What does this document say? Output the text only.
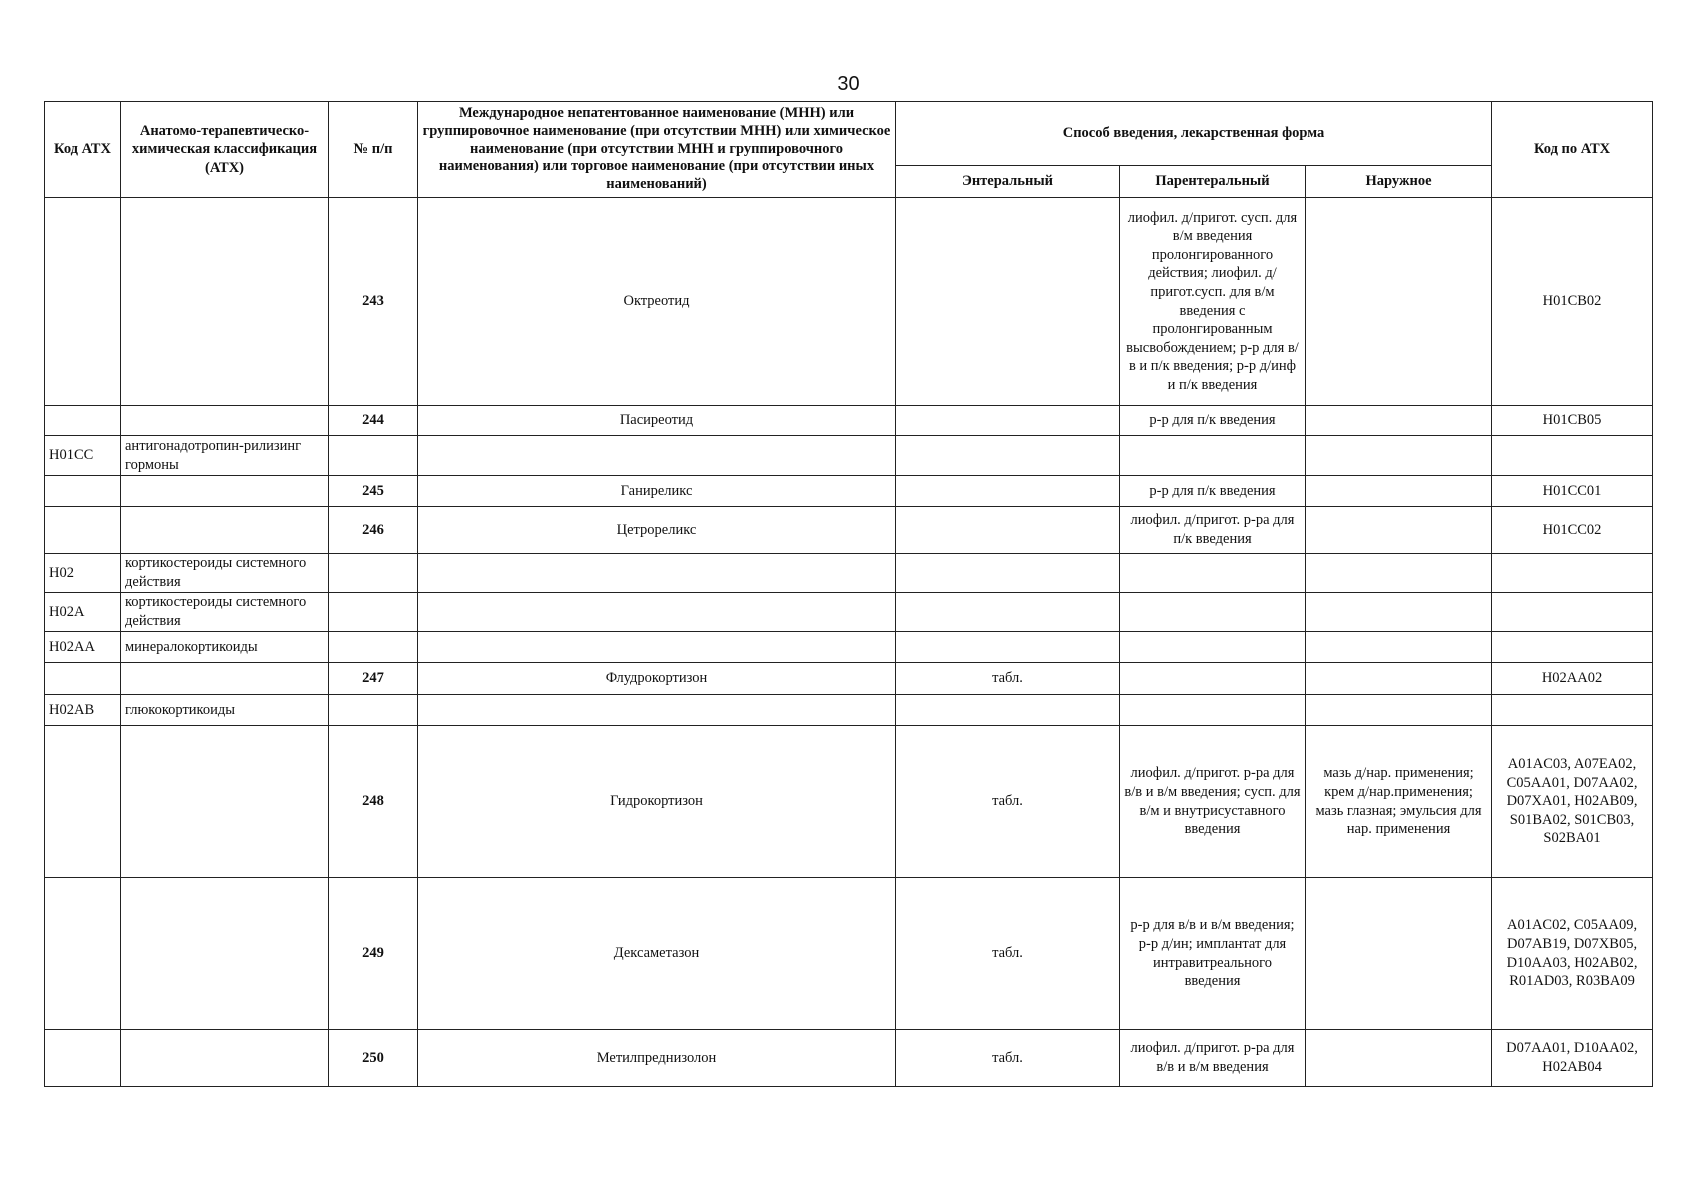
30
Код АТХ	Анатомо-терапевтическо-химическая классификация (АТХ)	№ п/п	Международное непатентованное наименование (МНН) или группировочное наименование (при отсутствии МНН) или химическое наименование (при отсутствии МНН и группировочного наименования) или торговое наименование (при отсутствии иных наименований)	Способ введения, лекарственная форма			Код по АТХ
				Энтеральный	Парентеральный	Наружное	
		243	Октреотид		лиофил. д/пригот. сусп. для в/м введения пролонгированного действия; лиофил. д/пригот.сусп. для в/м введения с пролонгированным высвобождением; р-р для в/в и п/к введения; р-р д/инф и п/к введения		H01CB02
		244	Пасиреотид		р-р для п/к введения		H01CB05
H01CC	антигонадотропин-рилизинг гормоны						
		245	Ганиреликс		р-р для п/к введения		H01CC01
		246	Цетрореликс		лиофил. д/пригот. р-ра для п/к введения		H01CC02
H02	кортикостероиды системного действия						
H02A	кортикостероиды системного действия						
H02AA	минералокортикоиды						
		247	Флудрокортизон	табл.			H02AA02
H02AB	глюкокортикоиды						
		248	Гидрокортизон	табл.	лиофил. д/пригот. р-ра для в/в и в/м введения; сусп. для в/м и внутрисуставного введения	мазь д/нар. применения; крем д/нар.применения; мазь глазная; эмульсия для нар. применения	A01AC03, A07EA02, C05AA01, D07AA02, D07XA01, H02AB09, S01BA02, S01CB03, S02BA01
		249	Дексаметазон	табл.	р-р для в/в и в/м введения; р-р д/ин; имплантат для интравитреального введения		A01AC02, C05AA09, D07AB19, D07XB05, D10AA03, H02AB02, R01AD03, R03BA09
		250	Метилпреднизолон	табл.	лиофил. д/пригот. р-ра для в/в и в/м введения		D07AA01, D10AA02, H02AB04
